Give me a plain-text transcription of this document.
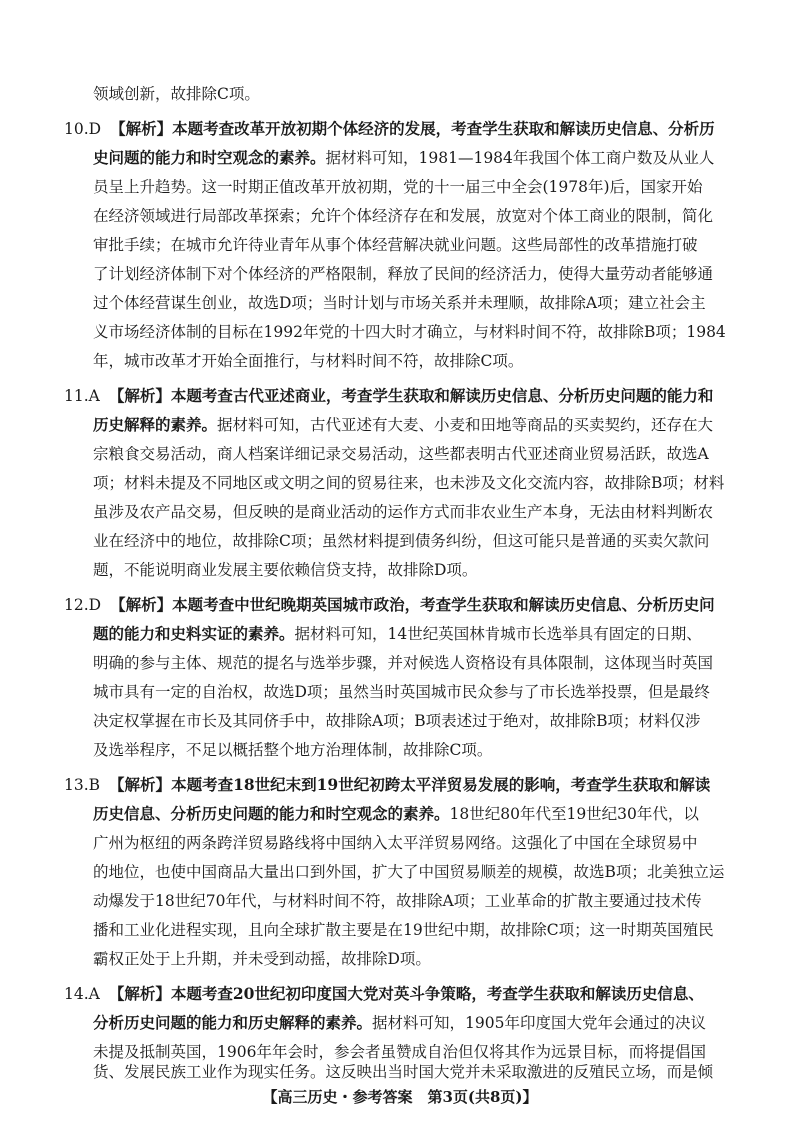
领域创新，故排除C项。
10.D 【解析】本题考查改革开放初期个体经济的发展，考查学生获取和解读历史信息、分析历
史问题的能力和时空观念的素养。据材料可知，1981—1984年我国个体工商户数及从业人
员呈上升趋势。这一时期正值改革开放初期，党的十一届三中全会(1978年)后，国家开始
在经济领域进行局部改革探索；允许个体经济存在和发展，放宽对个体工商业的限制，简化
审批手续；在城市允许待业青年从事个体经营解决就业问题。这些局部性的改革措施打破
了计划经济体制下对个体经济的严格限制，释放了民间的经济活力，使得大量劳动者能够通
过个体经营谋生创业，故选D项；当时计划与市场关系并未理顺，故排除A项；建立社会主
义市场经济体制的目标在1992年党的十四大时才确立，与材料时间不符，故排除B项；1984
年，城市改革才开始全面推行，与材料时间不符，故排除C项。
11.A 【解析】本题考查古代亚述商业，考查学生获取和解读历史信息、分析历史问题的能力和
历史解释的素养。据材料可知，古代亚述有大麦、小麦和田地等商品的买卖契约，还存在大
宗粮食交易活动，商人档案详细记录交易活动，这些都表明古代亚述商业贸易活跃，故选A
项；材料未提及不同地区或文明之间的贸易往来，也未涉及文化交流内容，故排除B项；材料
虽涉及农产品交易，但反映的是商业活动的运作方式而非农业生产本身，无法由材料判断农
业在经济中的地位，故排除C项；虽然材料提到债务纠纷，但这可能只是普通的买卖欠款问
题，不能说明商业发展主要依赖信贷支持，故排除D项。
12.D 【解析】本题考查中世纪晚期英国城市政治，考查学生获取和解读历史信息、分析历史问
题的能力和史料实证的素养。据材料可知，14世纪英国林肯城市长选举具有固定的日期、
明确的参与主体、规范的提名与选举步骤，并对候选人资格设有具体限制，这体现当时英国
城市具有一定的自治权，故选D项；虽然当时英国城市民众参与了市长选举投票，但是最终
决定权掌握在市长及其同侪手中，故排除A项；B项表述过于绝对，故排除B项；材料仅涉
及选举程序，不足以概括整个地方治理体制，故排除C项。
13.B 【解析】本题考查18世纪末到19世纪初跨太平洋贸易发展的影响，考查学生获取和解读
历史信息、分析历史问题的能力和时空观念的素养。18世纪80年代至19世纪30年代，以
广州为枢纽的两条跨洋贸易路线将中国纳入太平洋贸易网络。这强化了中国在全球贸易中
的地位，也使中国商品大量出口到外国，扩大了中国贸易顺差的规模，故选B项；北美独立运
动爆发于18世纪70年代，与材料时间不符，故排除A项；工业革命的扩散主要通过技术传
播和工业化进程实现，且向全球扩散主要是在19世纪中期，故排除C项；这一时期英国殖民
霸权正处于上升期，并未受到动摇，故排除D项。
14.A 【解析】本题考查20世纪初印度国大党对英斗争策略，考查学生获取和解读历史信息、
分析历史问题的能力和历史解释的素养。据材料可知，1905年印度国大党年会通过的决议
未提及抵制英国，1906年年会时，参会者虽赞成自治但仅将其作为远景目标，而将提倡国
货、发展民族工业作为现实任务。这反映出当时国大党并未采取激进的反殖民立场，而是倾
【高三历史・参考答案　第3页(共8页)】
